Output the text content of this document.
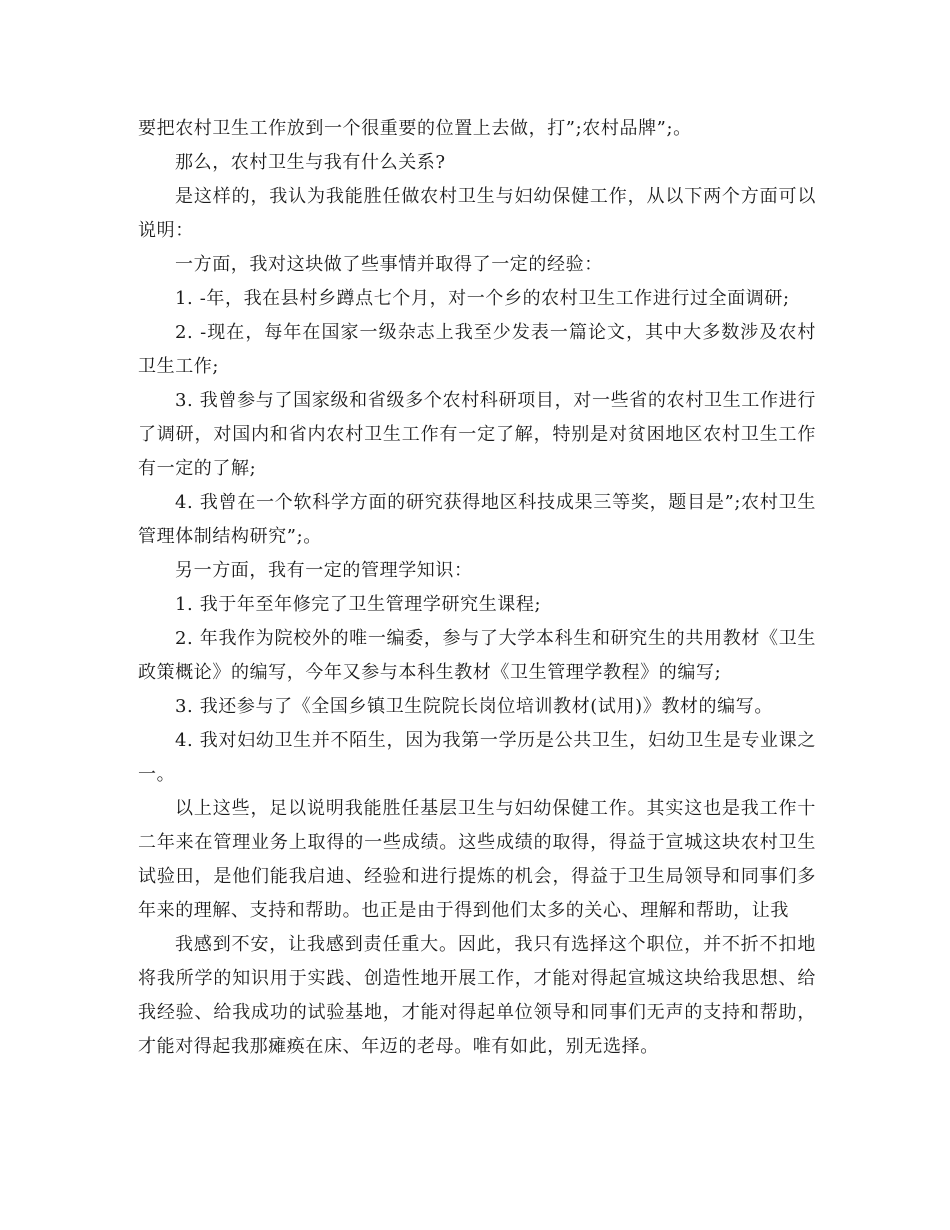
要把农村卫生工作放到一个很重要的位置上去做，打”;农村品牌”;。

那么，农村卫生与我有什么关系?

是这样的，我认为我能胜任做农村卫生与妇幼保健工作，从以下两个方面可以说明：

一方面，我对这块做了些事情并取得了一定的经验：

1. -年，我在县村乡蹲点七个月，对一个乡的农村卫生工作进行过全面调研;

2. -现在，每年在国家一级杂志上我至少发表一篇论文，其中大多数涉及农村卫生工作;

3. 我曾参与了国家级和省级多个农村科研项目，对一些省的农村卫生工作进行了调研，对国内和省内农村卫生工作有一定了解，特别是对贫困地区农村卫生工作有一定的了解;

4. 我曾在一个软科学方面的研究获得地区科技成果三等奖，题目是”;农村卫生管理体制结构研究”;。

另一方面，我有一定的管理学知识：

1. 我于年至年修完了卫生管理学研究生课程;

2. 年我作为院校外的唯一编委，参与了大学本科生和研究生的共用教材《卫生政策概论》的编写，今年又参与本科生教材《卫生管理学教程》的编写;

3. 我还参与了《全国乡镇卫生院院长岗位培训教材(试用)》教材的编写。

4. 我对妇幼卫生并不陌生，因为我第一学历是公共卫生，妇幼卫生是专业课之一。

以上这些，足以说明我能胜任基层卫生与妇幼保健工作。其实这也是我工作十二年来在管理业务上取得的一些成绩。这些成绩的取得，得益于宣城这块农村卫生试验田，是他们能我启迪、经验和进行提炼的机会，得益于卫生局领导和同事们多年来的理解、支持和帮助。也正是由于得到他们太多的关心、理解和帮助，让我

我感到不安，让我感到责任重大。因此，我只有选择这个职位，并不折不扣地将我所学的知识用于实践、创造性地开展工作，才能对得起宣城这块给我思想、给我经验、给我成功的试验基地，才能对得起单位领导和同事们无声的支持和帮助，才能对得起我那瘫痪在床、年迈的老母。唯有如此，别无选择。
